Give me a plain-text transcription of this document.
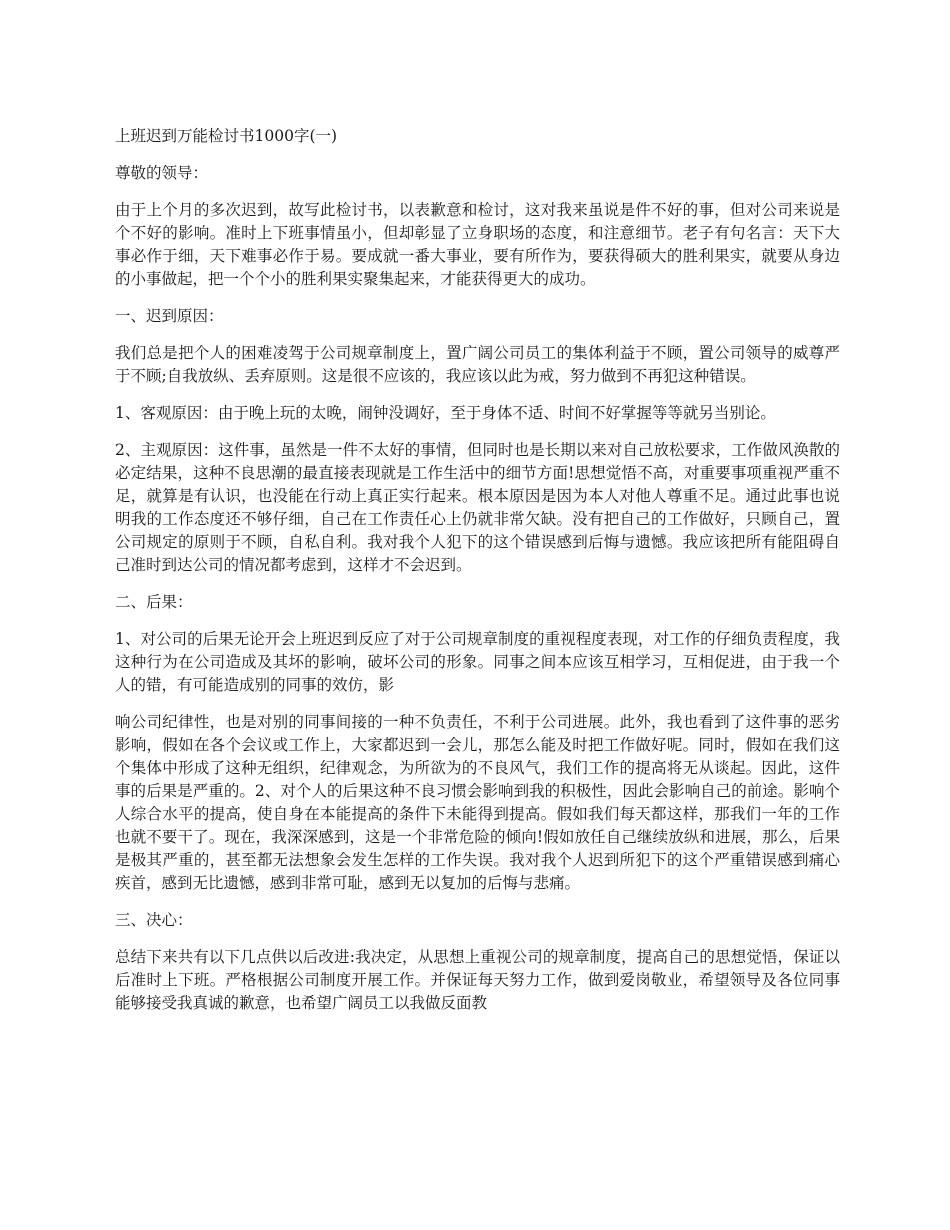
上班迟到万能检讨书1000字(一)

尊敬的领导：

由于上个月的多次迟到，故写此检讨书，以表歉意和检讨，这对我来虽说是件不好的事，但对公司来说是个不好的影响。准时上下班事情虽小，但却彰显了立身职场的态度，和注意细节。老子有句名言：天下大事必作于细，天下难事必作于易。要成就一番大事业，要有所作为，要获得硕大的胜利果实，就要从身边的小事做起，把一个个小的胜利果实聚集起来，才能获得更大的成功。

一、迟到原因：

我们总是把个人的困难凌驾于公司规章制度上，置广阔公司员工的集体利益于不顾，置公司领导的威尊严于不顾;自我放纵、丢弃原则。这是很不应该的，我应该以此为戒，努力做到不再犯这种错误。

1、客观原因：由于晚上玩的太晚，闹钟没调好，至于身体不适、时间不好掌握等等就另当别论。

2、主观原因：这件事，虽然是一件不太好的事情，但同时也是长期以来对自己放松要求，工作做风涣散的必定结果，这种不良思潮的最直接表现就是工作生活中的细节方面!思想觉悟不高，对重要事项重视严重不足，就算是有认识，也没能在行动上真正实行起来。根本原因是因为本人对他人尊重不足。通过此事也说明我的工作态度还不够仔细，自己在工作责任心上仍就非常欠缺。没有把自己的工作做好，只顾自己，置公司规定的原则于不顾，自私自利。我对我个人犯下的这个错误感到后悔与遗憾。我应该把所有能阻碍自己准时到达公司的情况都考虑到，这样才不会迟到。

二、后果：

1、对公司的后果无论开会上班迟到反应了对于公司规章制度的重视程度表现，对工作的仔细负责程度，我这种行为在公司造成及其坏的影响，破坏公司的形象。同事之间本应该互相学习，互相促进，由于我一个人的错，有可能造成别的同事的效仿，影

响公司纪律性，也是对别的同事间接的一种不负责任，不利于公司进展。此外，我也看到了这件事的恶劣影响，假如在各个会议或工作上，大家都迟到一会儿，那怎么能及时把工作做好呢。同时，假如在我们这个集体中形成了这种无组织，纪律观念，为所欲为的不良风气，我们工作的提高将无从谈起。因此，这件事的后果是严重的。2、对个人的后果这种不良习惯会影响到我的积极性，因此会影响自己的前途。影响个人综合水平的提高，使自身在本能提高的条件下未能得到提高。假如我们每天都这样，那我们一年的工作也就不要干了。现在，我深深感到，这是一个非常危险的倾向!假如放任自己继续放纵和进展，那么，后果是极其严重的，甚至都无法想象会发生怎样的工作失误。我对我个人迟到所犯下的这个严重错误感到痛心疾首，感到无比遗憾，感到非常可耻，感到无以复加的后悔与悲痛。

三、决心：

总结下来共有以下几点供以后改进:我决定，从思想上重视公司的规章制度，提高自己的思想觉悟，保证以后准时上下班。严格根据公司制度开展工作。并保证每天努力工作，做到爱岗敬业，希望领导及各位同事能够接受我真诚的歉意，也希望广阔员工以我做反面教
